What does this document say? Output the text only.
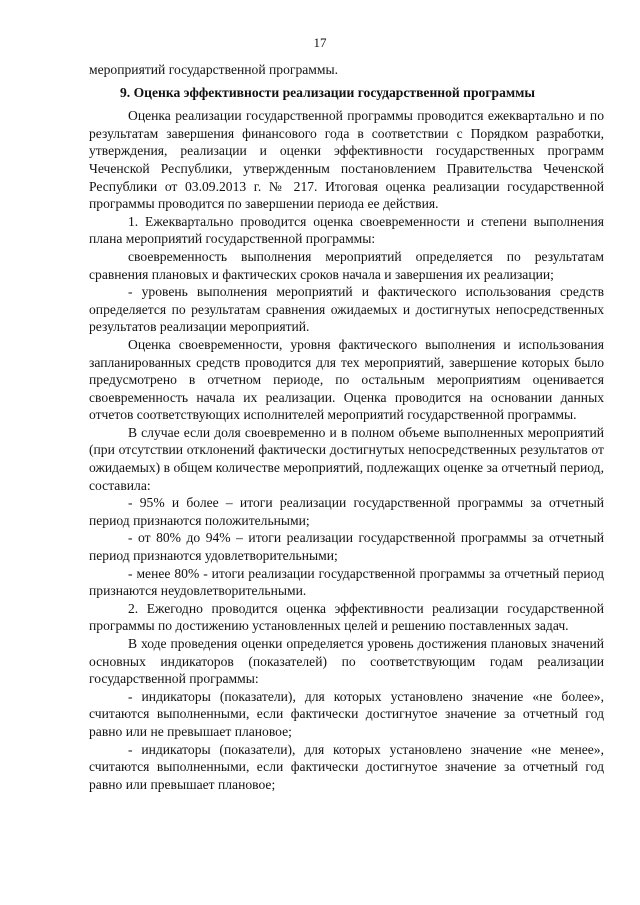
17

мероприятий государственной программы.

9. Оценка эффективности реализации государственной программы

Оценка реализации государственной программы проводится ежеквартально и по результатам завершения финансового года в соответствии с Порядком разработки, утверждения, реализации и оценки эффективности государственных программ Чеченской Республики, утвержденным постановлением Правительства Чеченской Республики от 03.09.2013 г. № 217. Итоговая оценка реализации государственной программы проводится по завершении периода ее действия.

1. Ежеквартально проводится оценка своевременности и степени выполнения плана мероприятий государственной программы:

своевременность выполнения мероприятий определяется по результатам сравнения плановых и фактических сроков начала и завершения их реализации;

- уровень выполнения мероприятий и фактического использования средств определяется по результатам сравнения ожидаемых и достигнутых непосредственных результатов реализации мероприятий.

Оценка своевременности, уровня фактического выполнения и использования запланированных средств проводится для тех мероприятий, завершение которых было предусмотрено в отчетном периоде, по остальным мероприятиям оценивается своевременность начала их реализации. Оценка проводится на основании данных отчетов соответствующих исполнителей мероприятий государственной программы.

В случае если доля своевременно и в полном объеме выполненных мероприятий (при отсутствии отклонений фактически достигнутых непосредственных результатов от ожидаемых) в общем количестве мероприятий, подлежащих оценке за отчетный период, составила:

- 95% и более – итоги реализации государственной программы за отчетный период признаются положительными;

- от 80% до 94% – итоги реализации государственной программы за отчетный период признаются удовлетворительными;

- менее 80% - итоги реализации государственной программы за отчетный период признаются неудовлетворительными.

2. Ежегодно проводится оценка эффективности реализации государственной программы по достижению установленных целей и решению поставленных задач.

В ходе проведения оценки определяется уровень достижения плановых значений основных индикаторов (показателей) по соответствующим годам реализации государственной программы:

- индикаторы (показатели), для которых установлено значение «не более», считаются выполненными, если фактически достигнутое значение за отчетный год равно или не превышает плановое;

- индикаторы (показатели), для которых установлено значение «не менее», считаются выполненными, если фактически достигнутое значение за отчетный год равно или превышает плановое;
